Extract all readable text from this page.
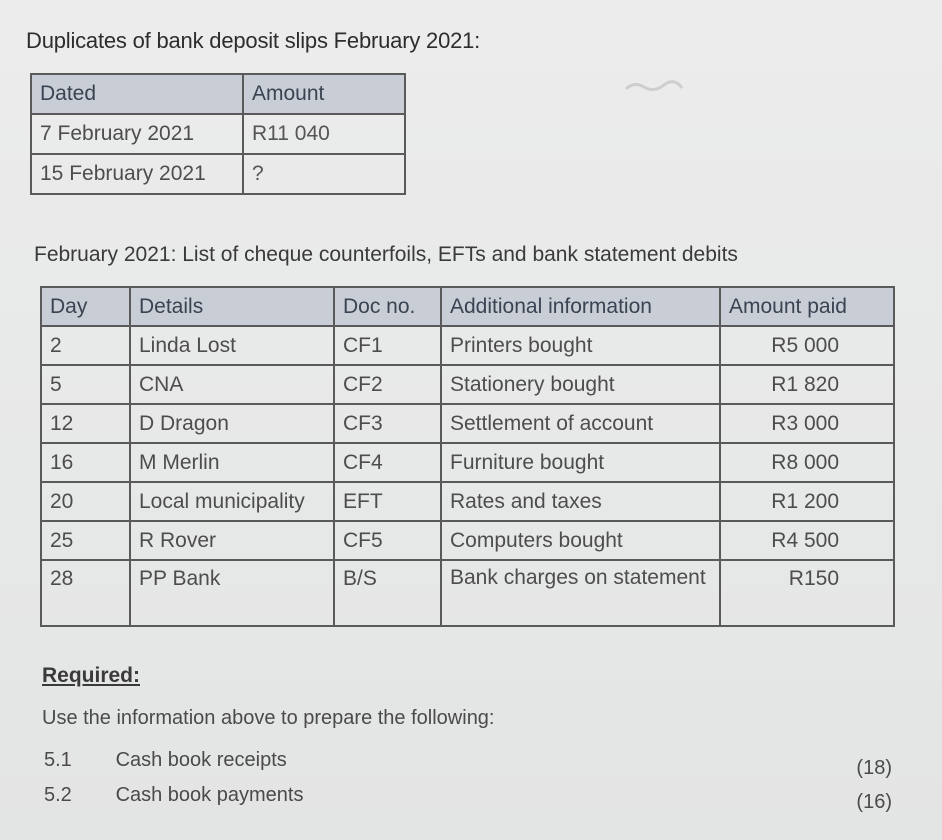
Duplicates of bank deposit slips February 2021:
Dated	Amount
7 February 2021	R11 040
15 February 2021	?
February 2021: List of cheque counterfoils, EFTs and bank statement debits
Day	Details	Doc no.	Additional information	Amount paid
2	Linda Lost	CF1	Printers bought	R5 000
5	CNA	CF2	Stationery bought	R1 820
12	D Dragon	CF3	Settlement of account	R3 000
16	M Merlin	CF4	Furniture bought	R8 000
20	Local municipality	EFT	Rates and taxes	R1 200
25	R Rover	CF5	Computers bought	R4 500
28	PP Bank	B/S	Bank charges on statement	R150
Required:
Use the information above to prepare the following:
5.1 Cash book receipts	(18)
5.2 Cash book payments	(16)
